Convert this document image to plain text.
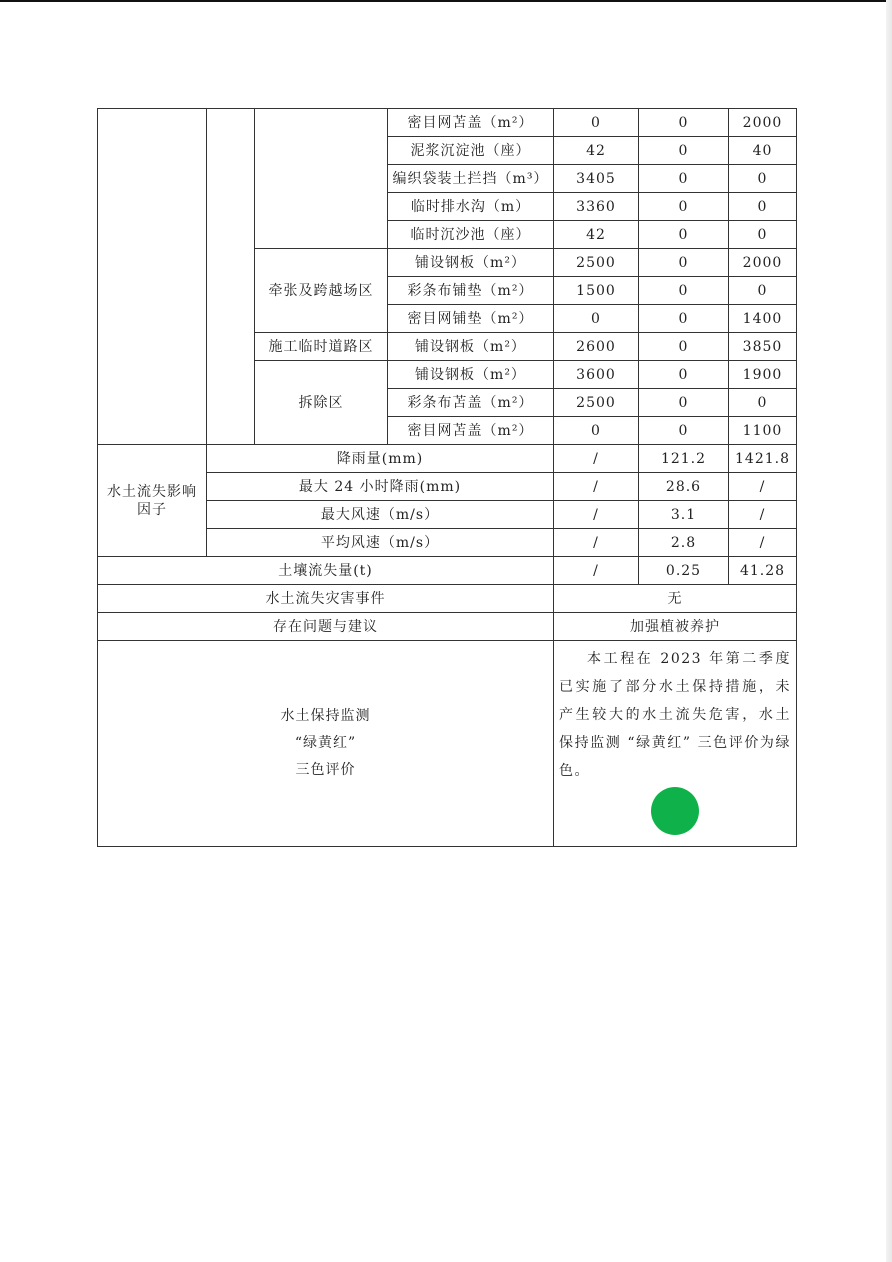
			密目网苫盖（m²）	0	0	2000
			泥浆沉淀池（座）	42	0	40
			编织袋装土拦挡（m³）	3405	0	0
			临时排水沟（m）	3360	0	0
			临时沉沙池（座）	42	0	0
		牵张及跨越场区	铺设钢板（m²）	2500	0	2000
			彩条布铺垫（m²）	1500	0	0
			密目网铺垫（m²）	0	0	1400
		施工临时道路区	铺设钢板（m²）	2600	0	3850
		拆除区	铺设钢板（m²）	3600	0	1900
			彩条布苫盖（m²）	2500	0	0
			密目网苫盖（m²）	0	0	1100
水土流失影响因子	降雨量(mm)			/	121.2	1421.8
	最大 24 小时降雨(mm)			/	28.6	/
	最大风速（m/s）			/	3.1	/
	平均风速（m/s）			/	2.8	/
土壤流失量(t)				/	0.25	41.28
水土流失灾害事件				无		
存在问题与建议				加强植被养护		

水土保持监测
“绿黄红”
三色评价				本工程在 2023 年第二季度已实施了部分水土保持措施，未产生较大的水土流失危害，水土保持监测 “绿黄红” 三色评价为绿色。		
